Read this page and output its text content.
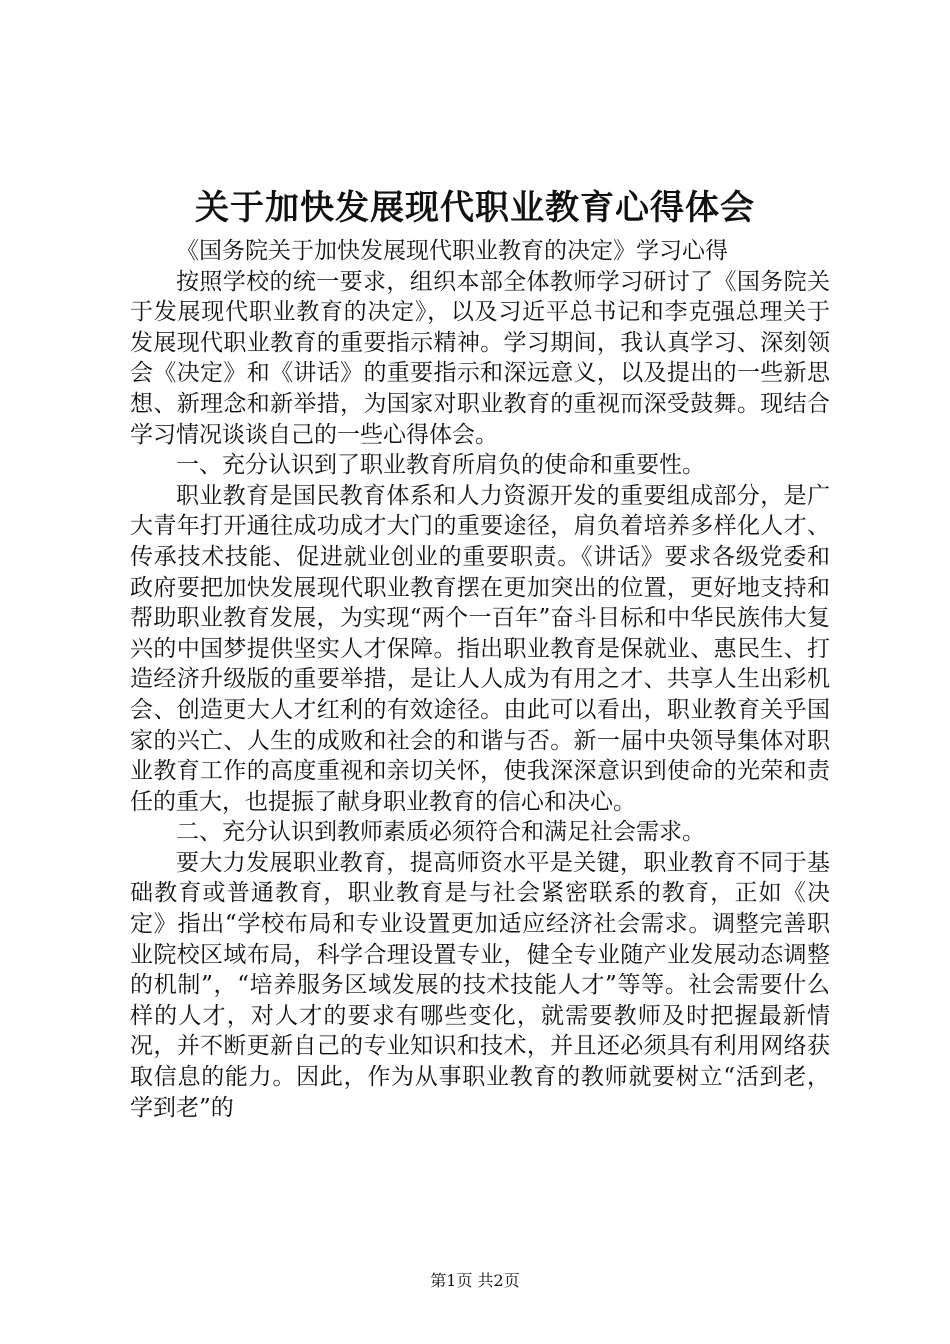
关于加快发展现代职业教育心得体会

《国务院关于加快发展现代职业教育的决定》学习心得

按照学校的统一要求，组织本部全体教师学习研讨了《国务院关于发展现代职业教育的决定》，以及习近平总书记和李克强总理关于发展现代职业教育的重要指示精神。学习期间，我认真学习、深刻领会《决定》和《讲话》的重要指示和深远意义，以及提出的一些新思想、新理念和新举措，为国家对职业教育的重视而深受鼓舞。现结合学习情况谈谈自己的一些心得体会。

一、充分认识到了职业教育所肩负的使命和重要性。

职业教育是国民教育体系和人力资源开发的重要组成部分，是广大青年打开通往成功成才大门的重要途径，肩负着培养多样化人才、传承技术技能、促进就业创业的重要职责。《讲话》要求各级党委和政府要把加快发展现代职业教育摆在更加突出的位置，更好地支持和帮助职业教育发展，为实现“两个一百年”奋斗目标和中华民族伟大复兴的中国梦提供坚实人才保障。指出职业教育是保就业、惠民生、打造经济升级版的重要举措，是让人人成为有用之才、共享人生出彩机会、创造更大人才红利的有效途径。由此可以看出，职业教育关乎国家的兴亡、人生的成败和社会的和谐与否。新一届中央领导集体对职业教育工作的高度重视和亲切关怀，使我深深意识到使命的光荣和责任的重大，也提振了献身职业教育的信心和决心。

二、充分认识到教师素质必须符合和满足社会需求。

要大力发展职业教育，提高师资水平是关键，职业教育不同于基础教育或普通教育，职业教育是与社会紧密联系的教育，正如《决定》指出“学校布局和专业设置更加适应经济社会需求。调整完善职业院校区域布局，科学合理设置专业，健全专业随产业发展动态调整的机制”，“培养服务区域发展的技术技能人才”等等。社会需要什么样的人才，对人才的要求有哪些变化，就需要教师及时把握最新情况，并不断更新自己的专业知识和技术，并且还必须具有利用网络获取信息的能力。因此，作为从事职业教育的教师就要树立“活到老，学到老”的

第1页 共2页
